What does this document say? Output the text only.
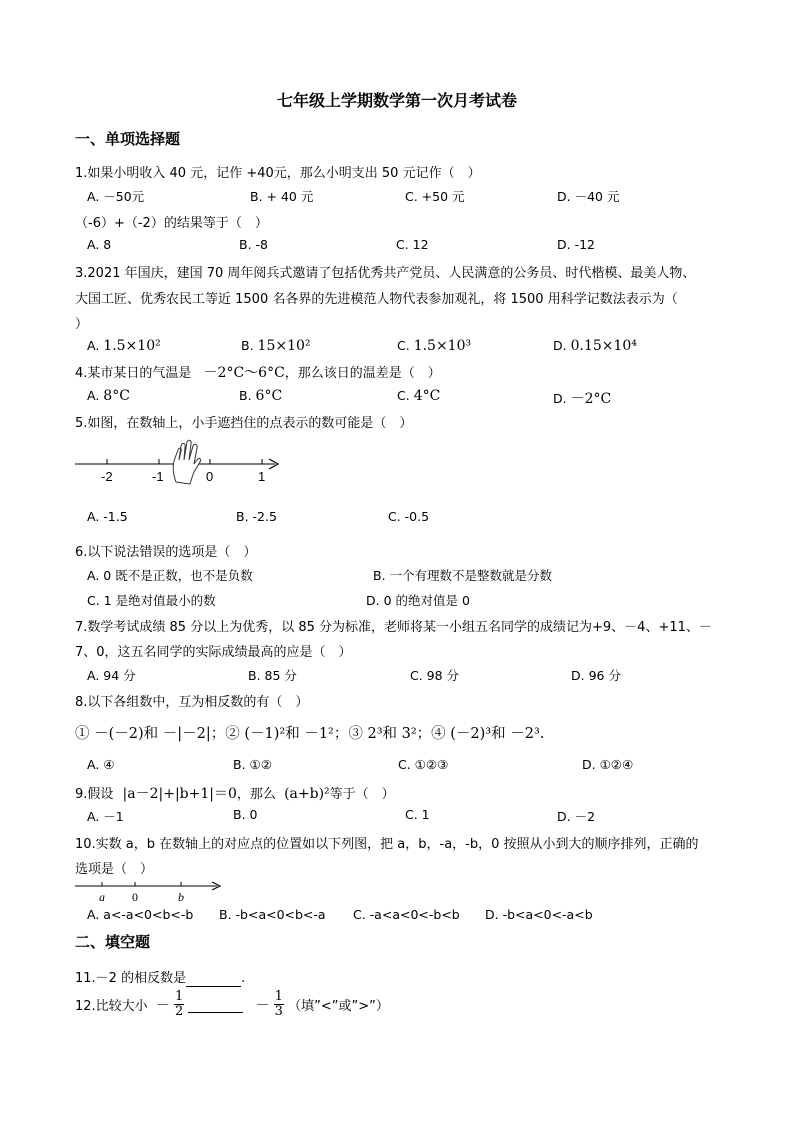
七年级上学期数学第一次月考试卷
一、单项选择题
1.如果小明收入 40 元，记作 +40元，那么小明支出 50 元记作（　）
A. －50元	B. + 40 元	C. +50 元	D. －40 元
（-6）+（-2）的结果等于（　）
A. 8	B. -8	C. 12	D. -12
3.2021 年国庆，建国 70 周年阅兵式邀请了包括优秀共产党员、人民满意的公务员、时代楷模、最美人物、
大国工匠、优秀农民工等近 1500 名各界的先进模范人物代表参加观礼，将 1500 用科学记数法表示为（
）
A. 1.5×10²	B. 15×10²	C. 1.5×10³	D. 0.15×10⁴
4.某市某日的气温是 －2°C～6°C，那么该日的温差是（　）
A. 8°C	B. 6°C	C. 4°C	D. －2°C
5.如图，在数轴上，小手遮挡住的点表示的数可能是（　）
-2	-1	0	1
A. -1.5	B. -2.5	C. -0.5
6.以下说法错误的选项是（　）
A. 0 既不是正数，也不是负数	B. 一个有理数不是整数就是分数
C. 1 是绝对值最小的数	D. 0 的绝对值是 0
7.数学考试成绩 85 分以上为优秀，以 85 分为标准，老师将某一小组五名同学的成绩记为+9、－4、+11、－
7、0，这五名同学的实际成绩最高的应是（　）
A. 94 分	B. 85 分	C. 98 分	D. 96 分
8.以下各组数中，互为相反数的有（　）
① －(－2)和 －|－2|；② (－1)²和 －1²；③ 2³和 3²；④ (－2)³和 －2³.
A. ④	B. ①②	C. ①②③	D. ①②④
9.假设 |a－2|+|b+1|＝0，那么 (a+b)²等于（　）
A. －1	B. 0	C. 1	D. －2
10.实数 a，b 在数轴上的对应点的位置如以下列图，把 a，b，-a，-b，0 按照从小到大的顺序排列，正确的
选项是（　）
a 0	b
A. a<-a<0<b<-b B. -b<a<0<b<-a C. -a<a<0<-b<b D. -b<a<0<-a<b
二、填空题
11.－2 的相反数是	.
12.比较大小 － $\frac{1}{2}$	－ $\frac{1}{3}$ （填”<”或”>”）
